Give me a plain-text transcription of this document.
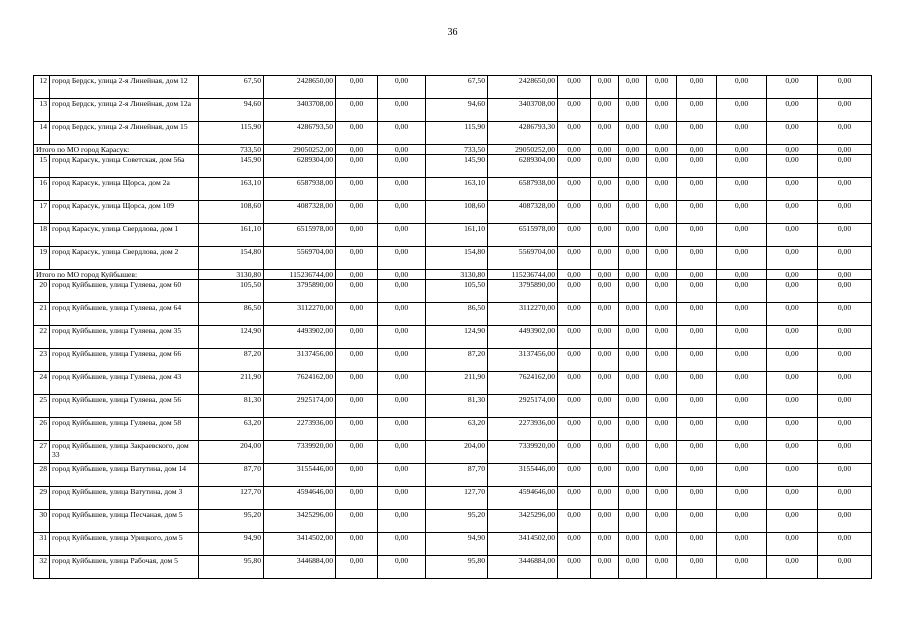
36
12	город Бердск, улица 2-я Линейная, дом 12	67,50	2428650,00	0,00	0,00	67,50	2428650,00	0,00	0,00	0,00	0,00	0,00	0,00	0,00	0,00
13	город Бердск, улица 2-я Линейная, дом 12а	94,60	3403708,00	0,00	0,00	94,60	3403708,00	0,00	0,00	0,00	0,00	0,00	0,00	0,00	0,00
14	город Бердск, улица 2-я Линейная, дом 15	115,90	4286793,50	0,00	0,00	115,90	4286793,30	0,00	0,00	0,00	0,00	0,00	0,00	0,00	0,00
Итого по МО город Карасук:		733,50	29050252,00	0,00	0,00	733,50	29050252,00	0,00	0,00	0,00	0,00	0,00	0,00	0,00	0,00
15	город Карасук, улица Советская, дом 56а	145,90	6289304,00	0,00	0,00	145,90	6289304,00	0,00	0,00	0,00	0,00	0,00	0,00	0,00	0,00
16	город Карасук, улица Щорса, дом 2а	163,10	6587938,00	0,00	0,00	163,10	6587938,00	0,00	0,00	0,00	0,00	0,00	0,00	0,00	0,00
17	город Карасук, улица Щорса, дом 109	108,60	4087328,00	0,00	0,00	108,60	4087328,00	0,00	0,00	0,00	0,00	0,00	0,00	0,00	0,00
18	город Карасук, улица Свердлова, дом 1	161,10	6515978,00	0,00	0,00	161,10	6515978,00	0,00	0,00	0,00	0,00	0,00	0,00	0,00	0,00
19	город Карасук, улица Свердлова, дом 2	154,80	5569704,00	0,00	0,00	154,80	5569704,00	0,00	0,00	0,00	0,00	0,00	0,00	0,00	0,00
Итого по МО город Куйбышев:		3130,80	115236744,00	0,00	0,00	3130,80	115236744,00	0,00	0,00	0,00	0,00	0,00	0,00	0,00	0,00
20	город Куйбышев, улица Гуляева, дом 60	105,50	3795890,00	0,00	0,00	105,50	3795890,00	0,00	0,00	0,00	0,00	0,00	0,00	0,00	0,00
21	город Куйбышев, улица Гуляева, дом 64	86,50	3112270,00	0,00	0,00	86,50	3112270,00	0,00	0,00	0,00	0,00	0,00	0,00	0,00	0,00
22	город Куйбышев, улица Гуляева, дом 35	124,90	4493902,00	0,00	0,00	124,90	4493902,00	0,00	0,00	0,00	0,00	0,00	0,00	0,00	0,00
23	город Куйбышев, улица Гуляева, дом 66	87,20	3137456,00	0,00	0,00	87,20	3137456,00	0,00	0,00	0,00	0,00	0,00	0,00	0,00	0,00
24	город Куйбышев, улица Гуляева, дом 43	211,90	7624162,00	0,00	0,00	211,90	7624162,00	0,00	0,00	0,00	0,00	0,00	0,00	0,00	0,00
25	город Куйбышев, улица Гуляева, дом 56	81,30	2925174,00	0,00	0,00	81,30	2925174,00	0,00	0,00	0,00	0,00	0,00	0,00	0,00	0,00
26	город Куйбышев, улица Гуляева, дом 58	63,20	2273936,00	0,00	0,00	63,20	2273936,00	0,00	0,00	0,00	0,00	0,00	0,00	0,00	0,00
27	город Куйбышев, улица Закраевского, дом 33	204,00	7339920,00	0,00	0,00	204,00	7339920,00	0,00	0,00	0,00	0,00	0,00	0,00	0,00	0,00
28	город Куйбышев, улица Ватутина, дом 14	87,70	3155446,00	0,00	0,00	87,70	3155446,00	0,00	0,00	0,00	0,00	0,00	0,00	0,00	0,00
29	город Куйбышев, улица Ватутина, дом 3	127,70	4594646,00	0,00	0,00	127,70	4594646,00	0,00	0,00	0,00	0,00	0,00	0,00	0,00	0,00
30	город Куйбышев, улица Песчаная, дом 5	95,20	3425296,00	0,00	0,00	95,20	3425296,00	0,00	0,00	0,00	0,00	0,00	0,00	0,00	0,00
31	город Куйбышев, улица Урицкого, дом 5	94,90	3414502,00	0,00	0,00	94,90	3414502,00	0,00	0,00	0,00	0,00	0,00	0,00	0,00	0,00
32	город Куйбышев, улица Рабочая, дом 5	95,80	3446884,00	0,00	0,00	95,80	3446884,00	0,00	0,00	0,00	0,00	0,00	0,00	0,00	0,00
